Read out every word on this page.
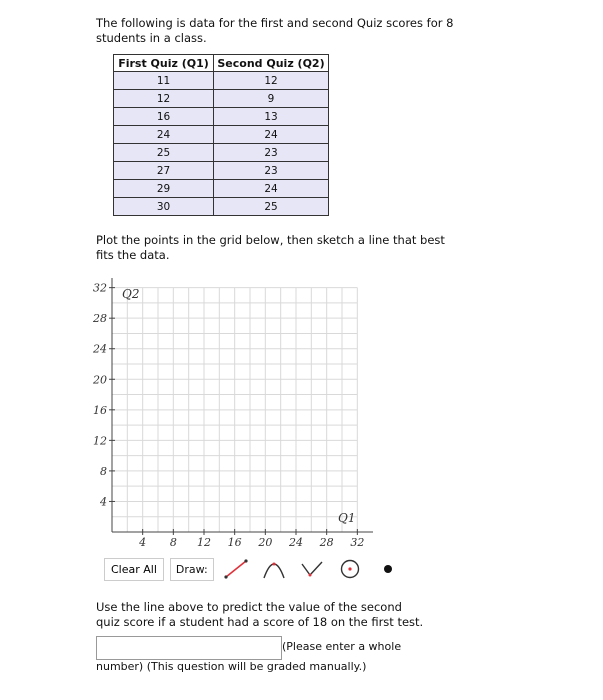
The following is data for the first and second Quiz scores for 8 students in a class.
First Quiz (Q1)	Second Quiz (Q2)
11	12
12	9
16	13
24	24
25	23
27	23
29	24
30	25
Plot the points in the grid below, then sketch a line that best fits the data.
4 8 12 16 20 24 28 32
4
8
12
16
20
24
28
32 Q2
Q1
Clear All	Draw:
Use the line above to predict the value of the second quiz score if a student had a score of 18 on the first test.
(Please enter a whole
number) (This question will be graded manually.)
